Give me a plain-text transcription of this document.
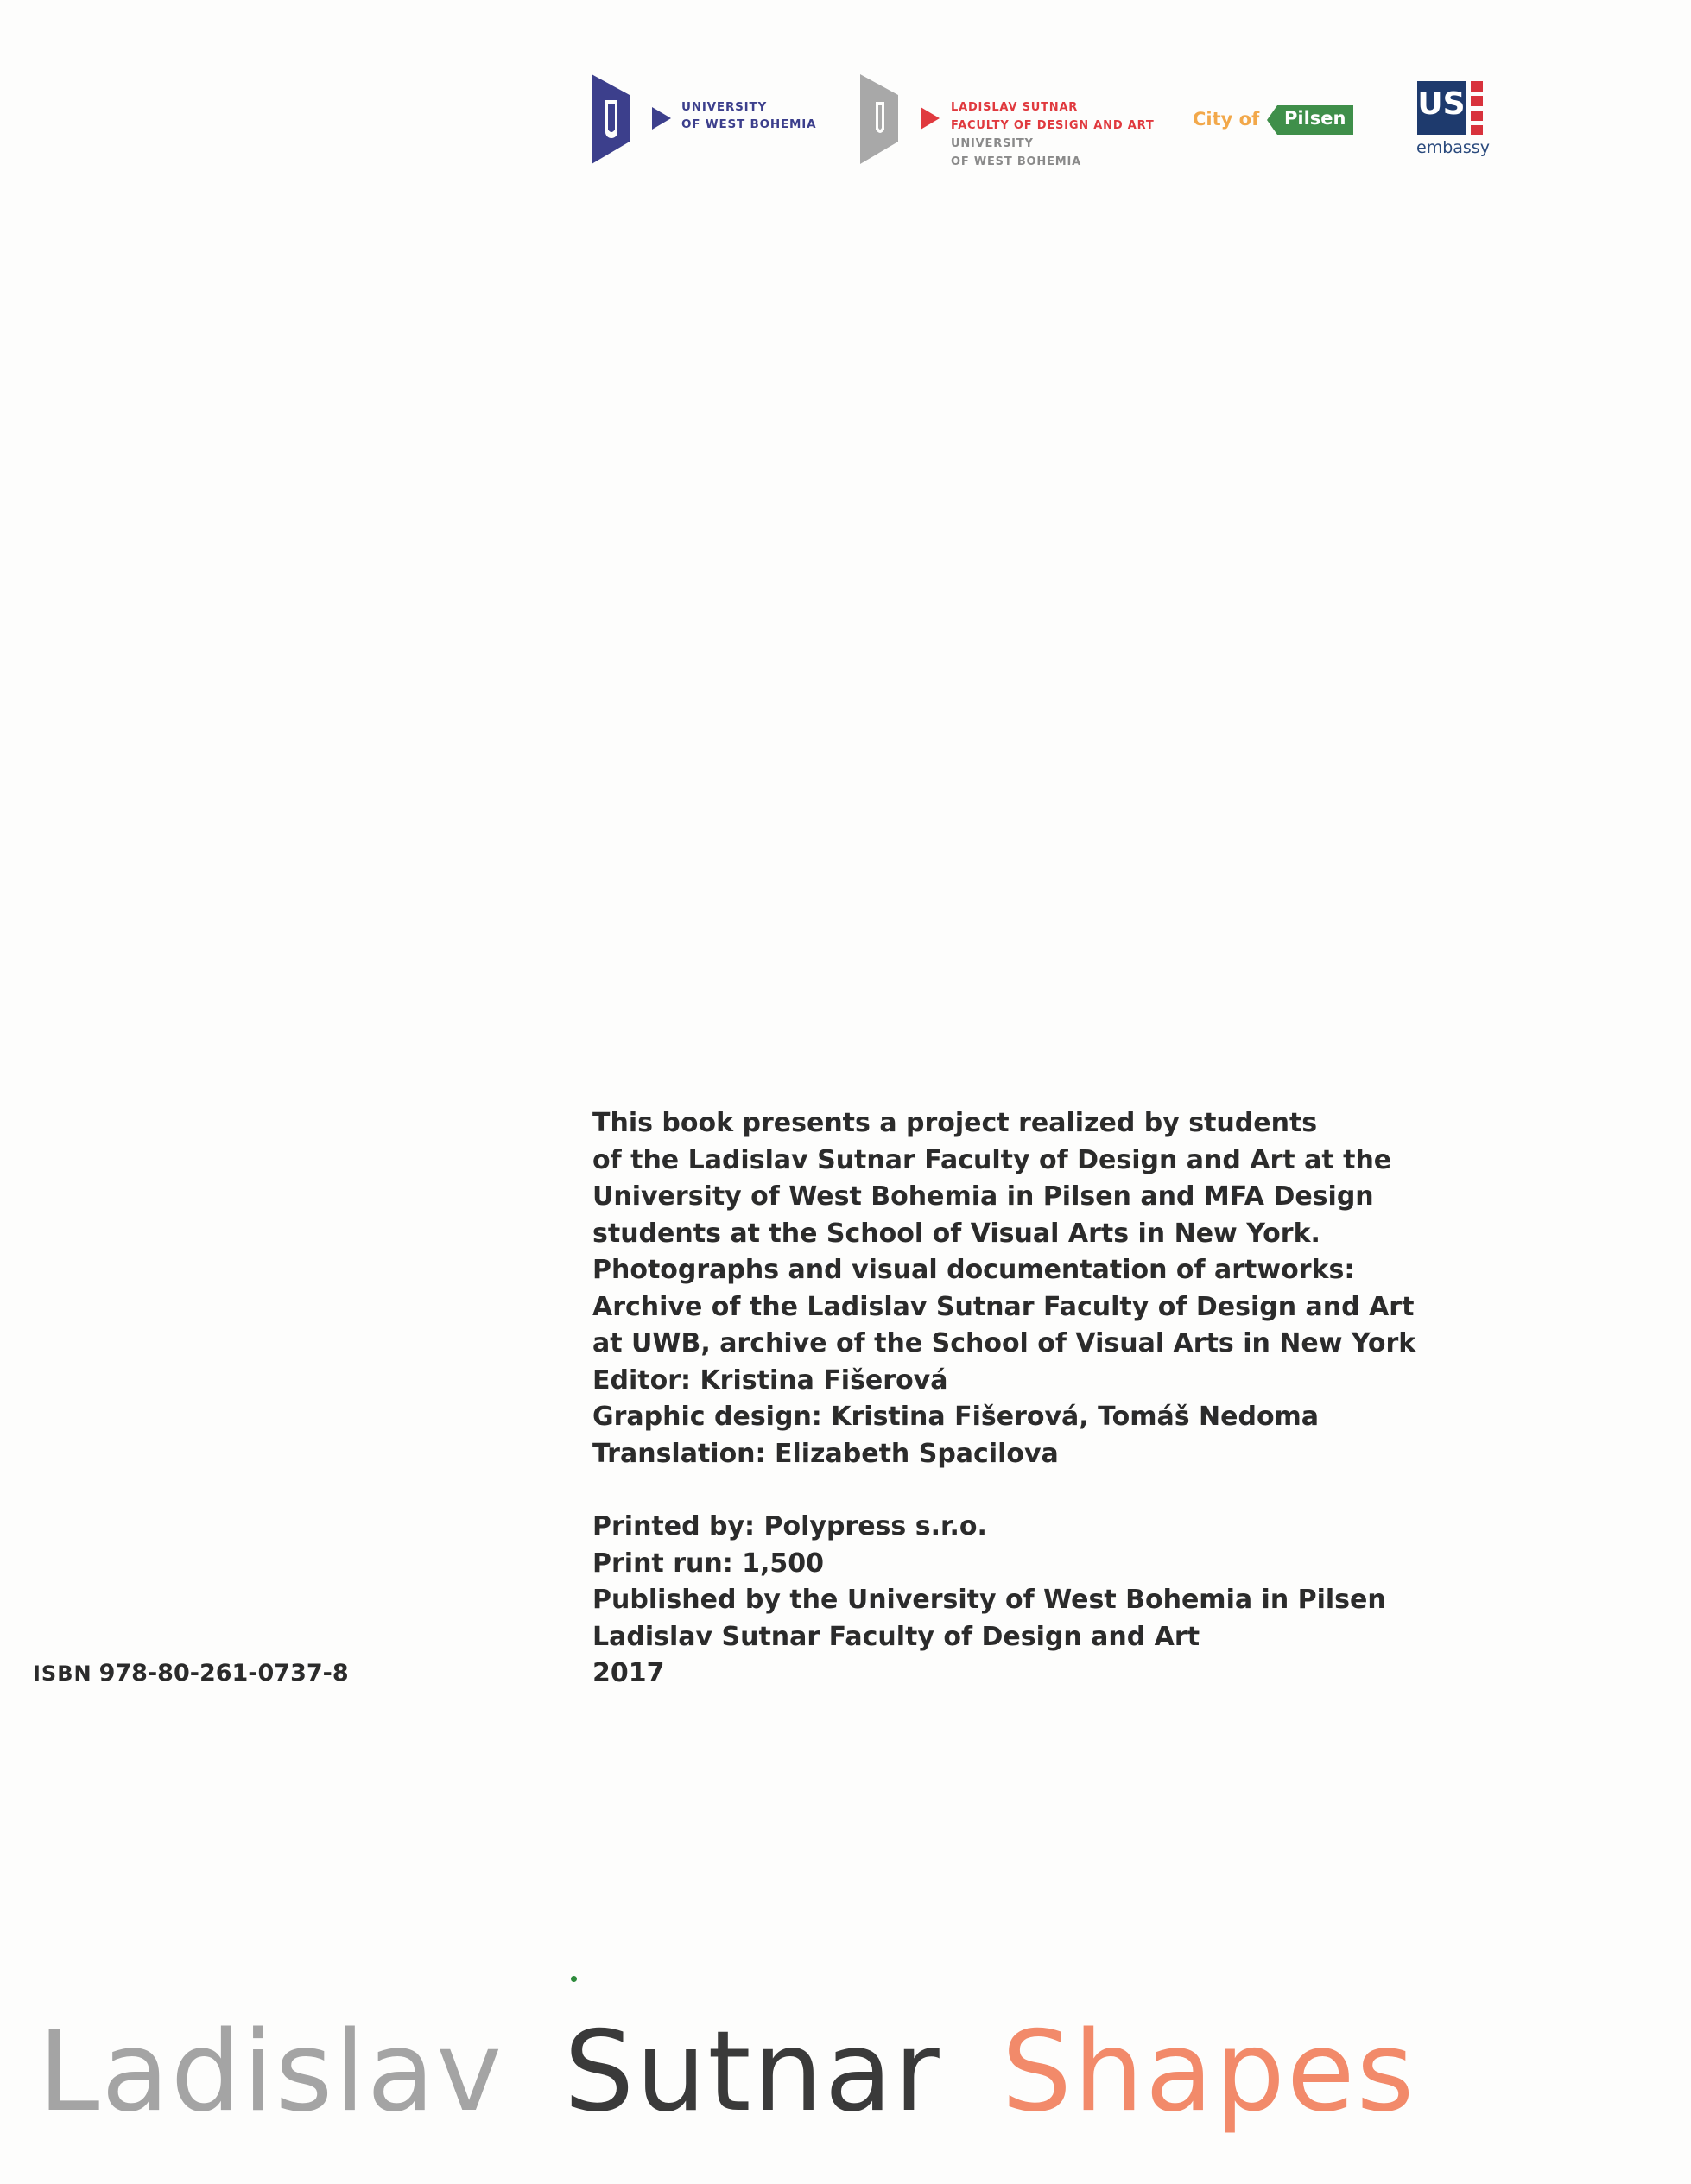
UNIVERSITY
OF WEST BOHEMIA
LADISLAV SUTNAR
FACULTY OF DESIGN AND ART
UNIVERSITY
OF WEST BOHEMIA
City of Pilsen US
embassy
This book presents a project realized by students
of the Ladislav Sutnar Faculty of Design and Art at the
University of West Bohemia in Pilsen and MFA Design
students at the School of Visual Arts in New York.
Photographs and visual documentation of artworks:
Archive of the Ladislav Sutnar Faculty of Design and Art
at UWB, archive of the School of Visual Arts in New York
Editor: Kristina Fišerová
Graphic design: Kristina Fišerová, Tomáš Nedoma
Translation: Elizabeth Spacilova
Printed by: Polypress s.r.o.
Print run: 1,500
Published by the University of West Bohemia in Pilsen
Ladislav Sutnar Faculty of Design and Art
2017
ISBN 978-80-261-0737-8
Ladislav Sutnar Shapes
